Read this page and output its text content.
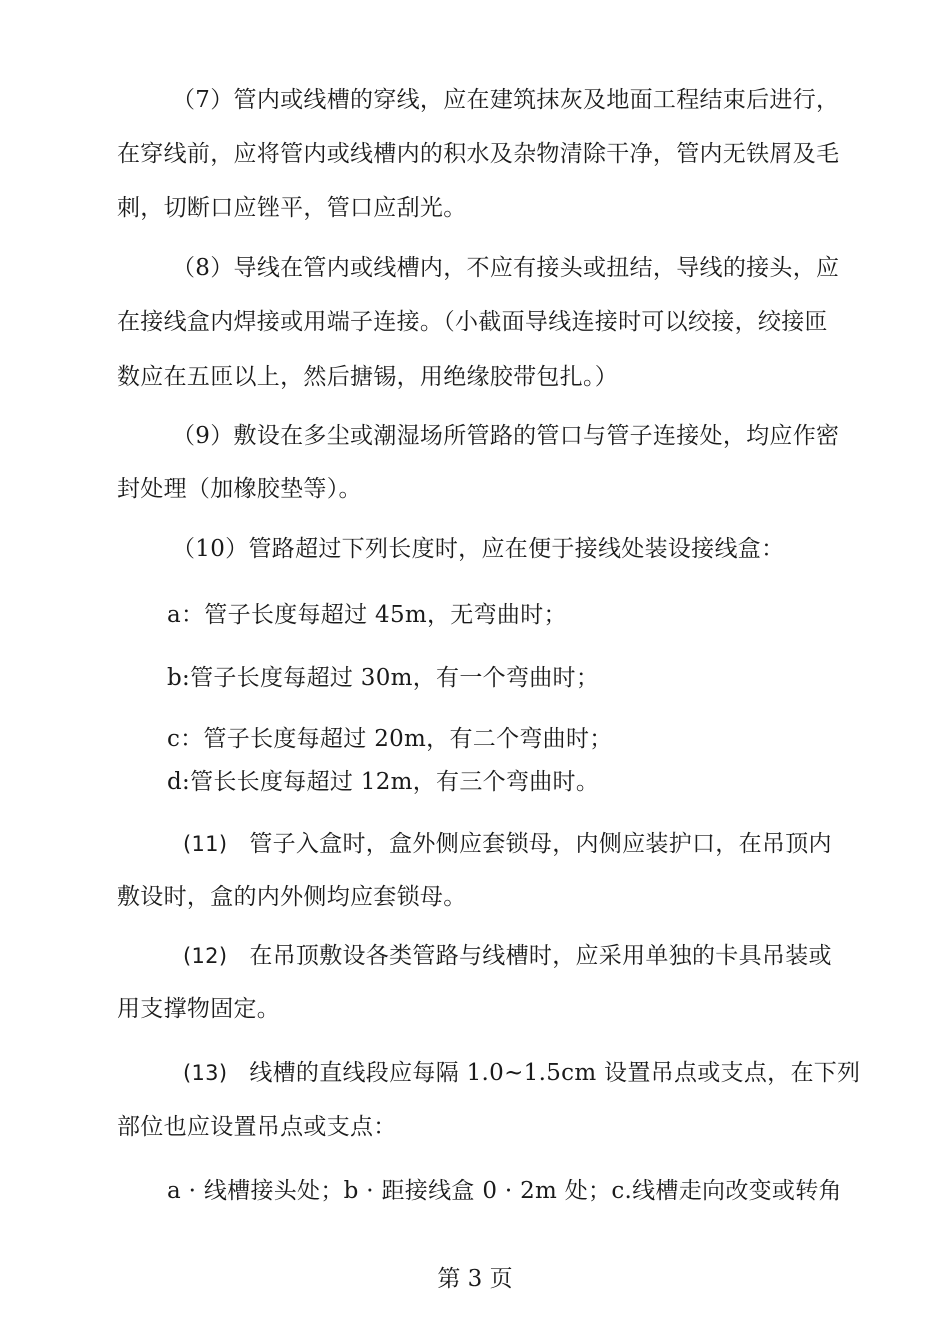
（7）管内或线槽的穿线，应在建筑抹灰及地面工程结束后进行，
在穿线前，应将管内或线槽内的积水及杂物清除干净，管内无铁屑及毛
刺，切断口应锉平，管口应刮光。
（8）导线在管内或线槽内，不应有接头或扭结，导线的接头，应
在接线盒内焊接或用端子连接。（小截面导线连接时可以绞接，绞接匝
数应在五匝以上，然后搪锡，用绝缘胶带包扎。）
（9）敷设在多尘或潮湿场所管路的管口与管子连接处，均应作密
封处理（加橡胶垫等）。
（10）管路超过下列长度时，应在便于接线处装设接线盒：
a：管子长度每超过 45m，无弯曲时；
b:管子长度每超过 30m，有一个弯曲时；
c：管子长度每超过 20m，有二个弯曲时；
d:管长长度每超过 12m，有三个弯曲时。
(11) 管子入盒时，盒外侧应套锁母，内侧应装护口，在吊顶内
敷设时，盒的内外侧均应套锁母。
(12) 在吊顶敷设各类管路与线槽时，应采用单独的卡具吊装或
用支撑物固定。
(13) 线槽的直线段应每隔 1.0~1.5cm 设置吊点或支点，在下列
部位也应设置吊点或支点：
a · 线槽接头处；b · 距接线盒 0 · 2m 处；c.线槽走向改变或转角
第 3 页
